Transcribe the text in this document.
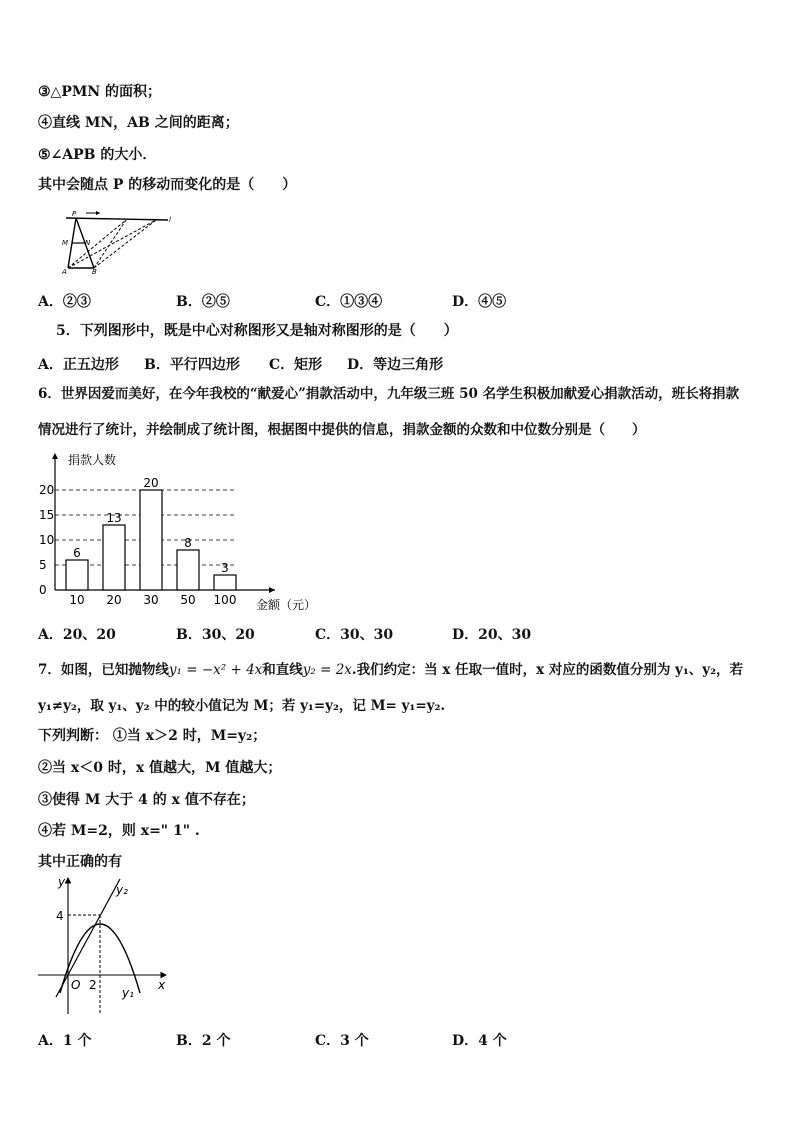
③△PMN 的面积；
④直线 MN，AB 之间的距离；
⑤∠APB 的大小．
其中会随点 P 的移动而变化的是（　　）
P
M N
A	B
l
A．②③	B．②⑤	C．①③④	D．④⑤
5．下列图形中，既是中心对称图形又是轴对称图形的是（　　）
A．正五边形 B．平行四边形 C．矩形 D．等边三角形
6．世界因爱而美好，在今年我校的“献爱心”捐款活动中，九年级三班 50 名学生积极加献爱心捐款活动，班长将捐款
情况进行了统计，并绘制成了统计图，根据图中提供的信息，捐款金额的众数和中位数分别是（　　）
0
5
10
15
20
6
10
13
20
20
30
8
50
3
100
捐款人数
金额（元）
A．20、20	B．30、20	C．30、30	D．20、30
7．如图，已知抛物线y₁ = −x² + 4x和直线y₂ = 2x.我们约定：当 x 任取一值时，x 对应的函数值分别为 y₁、y₂，若
y₁≠y₂，取 y₁、y₂ 中的较小值记为 M；若 y₁=y₂，记 M= y₁=y₂.
下列判断： ①当 x＞2 时，M=y₂；
②当 x＜0 时，x 值越大，M 值越大；
③使得 M 大于 4 的 x 值不存在；
④若 M=2，则 x=" 1" .
其中正确的有
y
x
O 2
4
y₂
y₁
A．1 个	B．2 个	C．3 个	D．4 个
